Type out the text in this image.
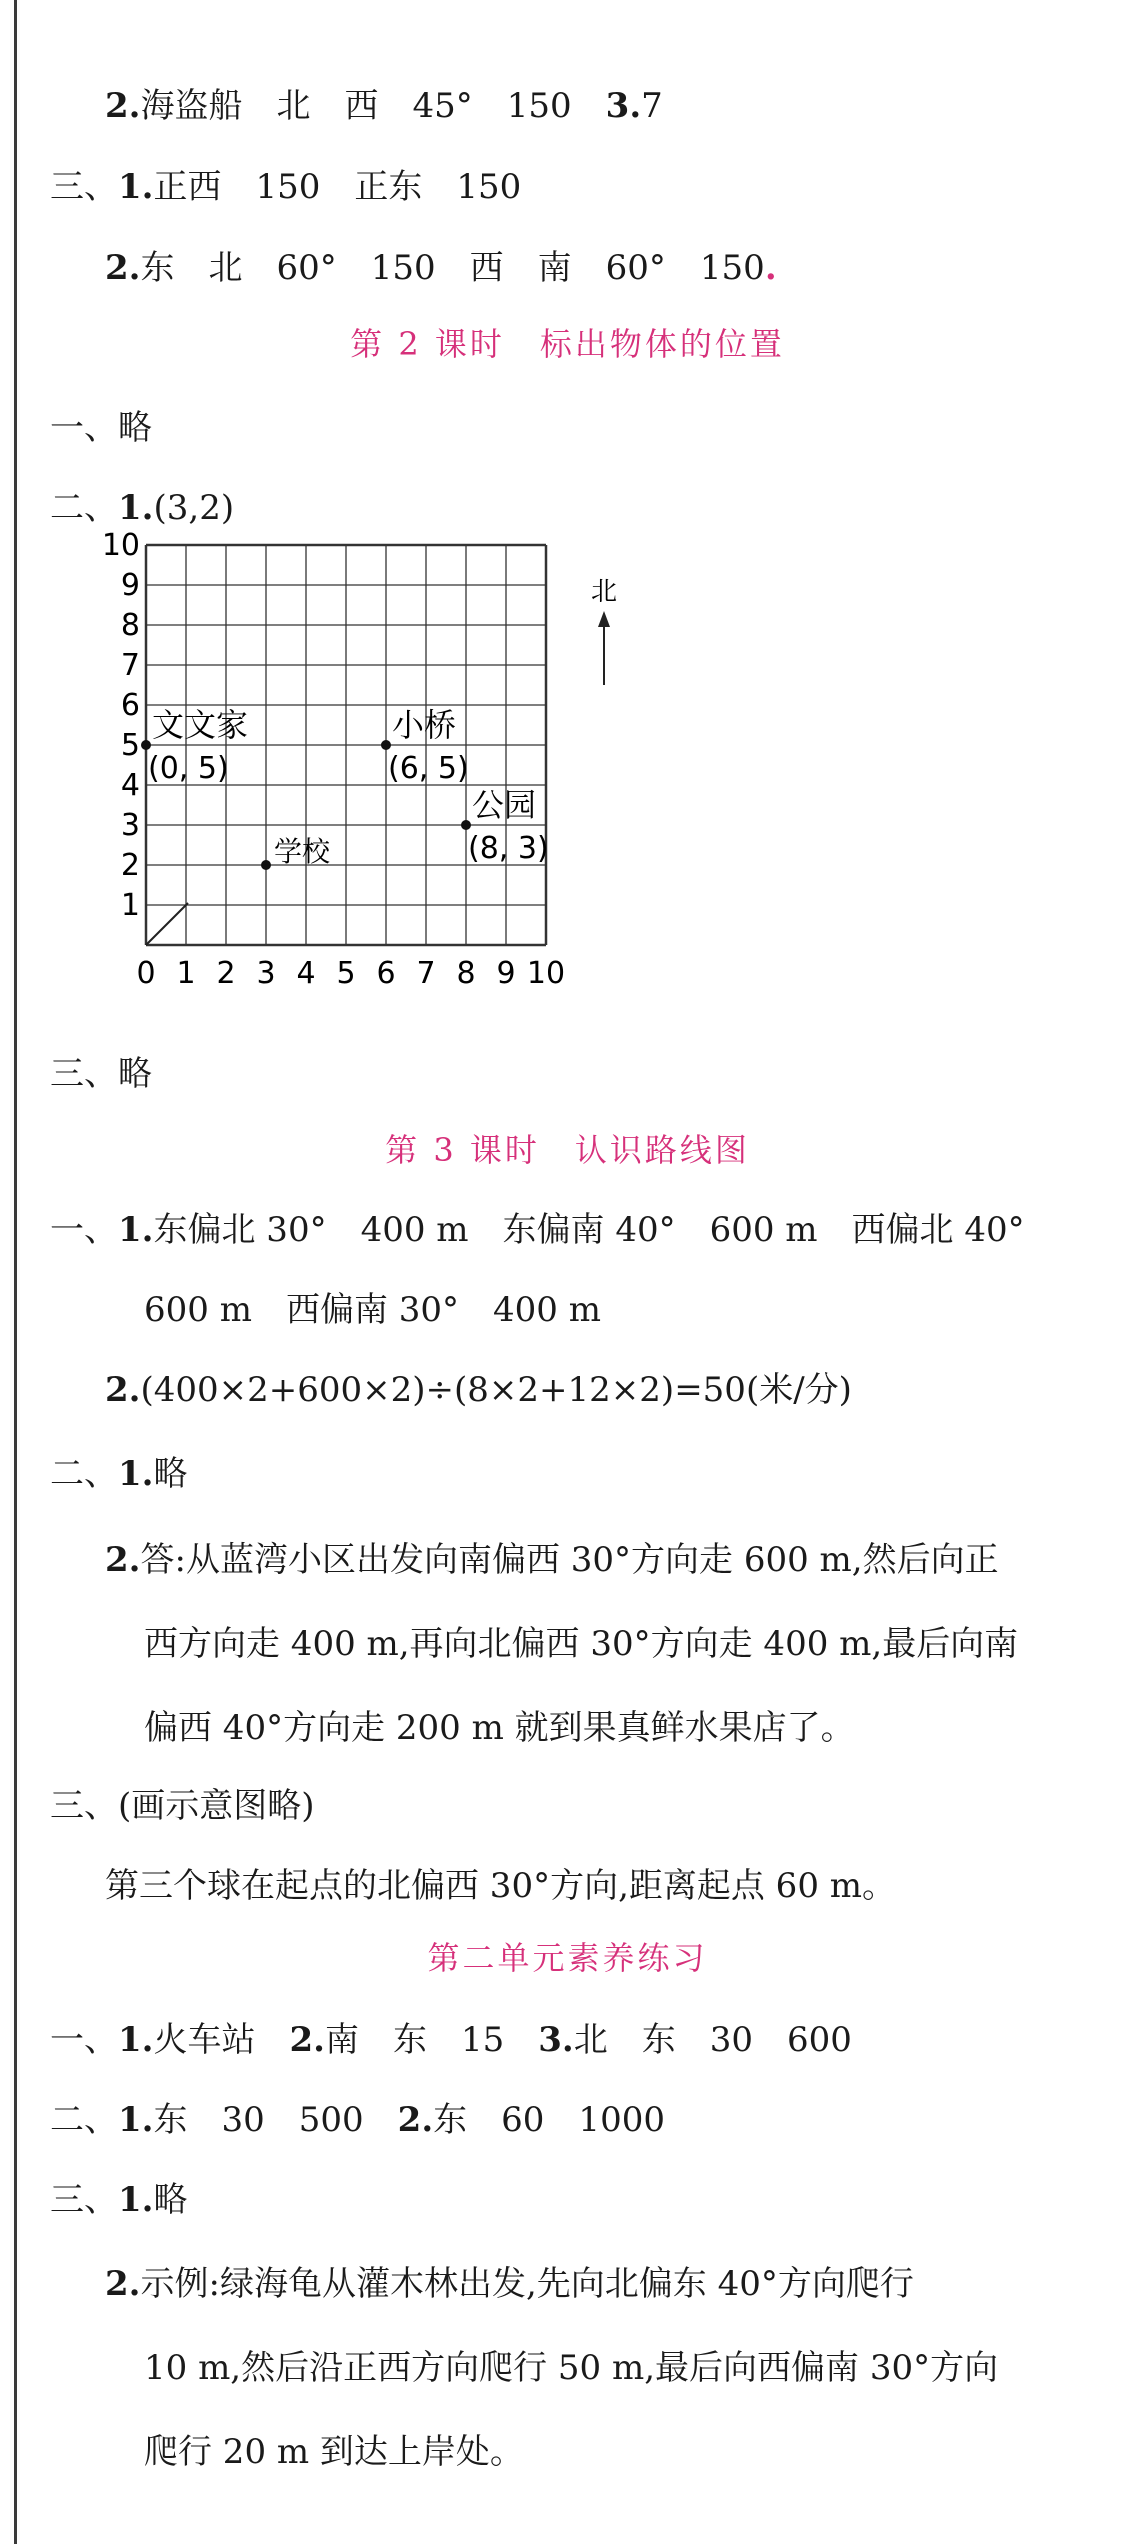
2.海盗船　北　西　45°　150　3.7
三、1.正西　150　正东　150
2.东　北　60°　150　西　南　60°　150.
第 2 课时　标出物体的位置
一、略
二、1.(3,2)
0 1 2 3 4 5 6 7 8 9 10
1
2
3
4
5
6
7
8
9
10
文文家
(0, 5)
小桥
(6, 5)
公园
(8, 3)
学校
北
三、略
第 3 课时　认识路线图
一、1.东偏北 30°　400 m　东偏南 40°　600 m　西偏北 40°
600 m　西偏南 30°　400 m
2.(400×2+600×2)÷(8×2+12×2)=50(米/分)
二、1.略
2.答:从蓝湾小区出发向南偏西 30°方向走 600 m,然后向正
西方向走 400 m,再向北偏西 30°方向走 400 m,最后向南
偏西 40°方向走 200 m 就到果真鲜水果店了。
三、(画示意图略)
第三个球在起点的北偏西 30°方向,距离起点 60 m。
第二单元素养练习
一、1.火车站　2.南　东　15　3.北　东　30　600
二、1.东　30　500　2.东　60　1000
三、1.略
2.示例:绿海龟从灌木林出发,先向北偏东 40°方向爬行
10 m,然后沿正西方向爬行 50 m,最后向西偏南 30°方向
爬行 20 m 到达上岸处。
